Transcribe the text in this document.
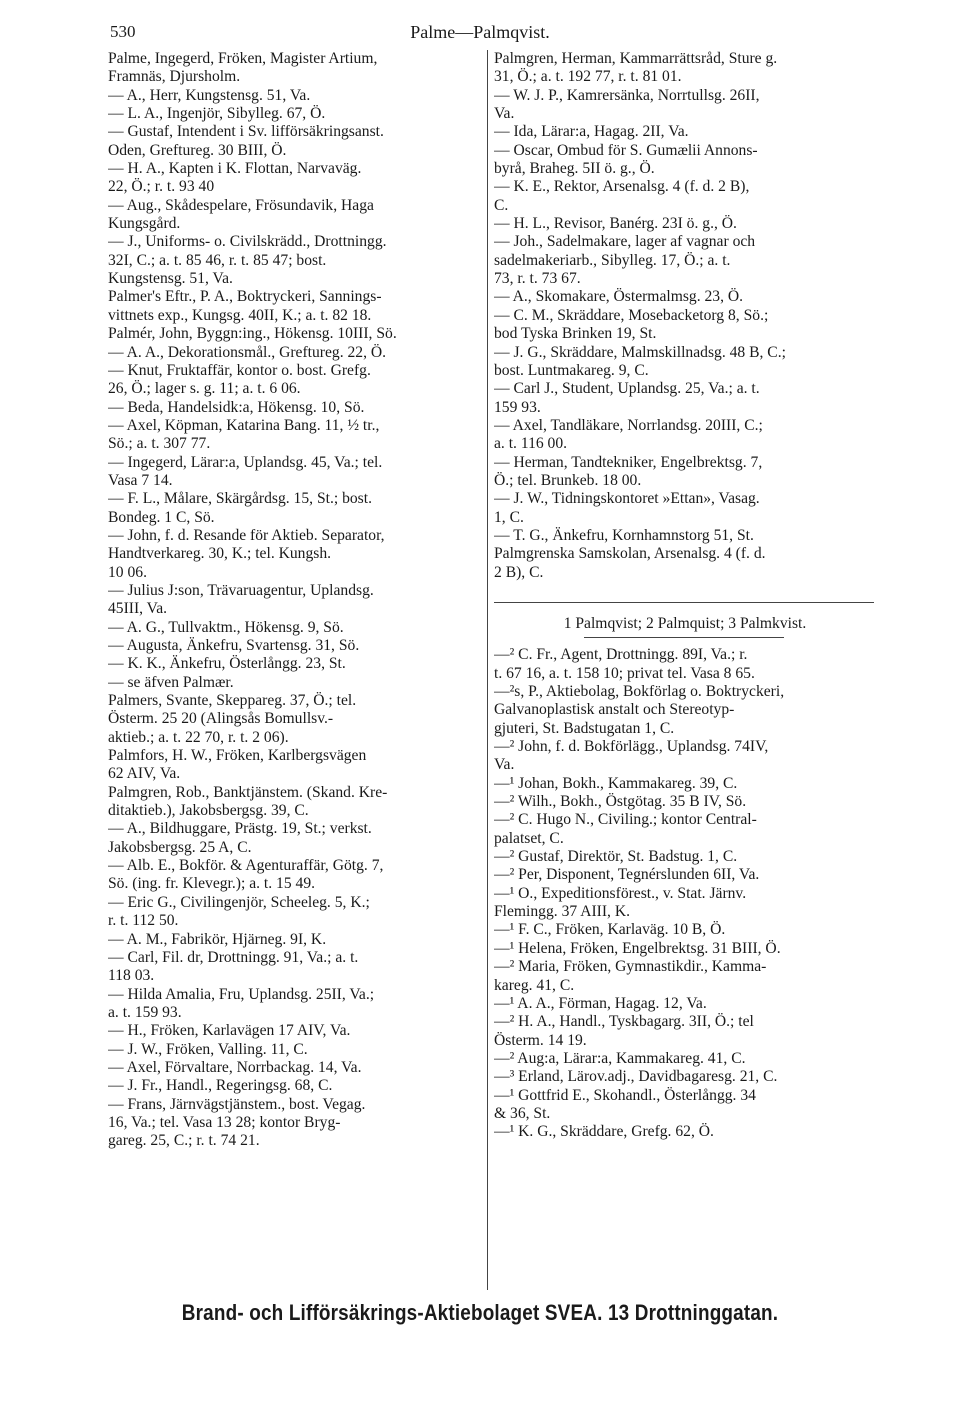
530	Palme—Palmqvist.
Palme, Ingegerd, Fröken, Magister Artium,
Framnäs, Djursholm.
— A., Herr, Kungstensg. 51, Va.
— L. A., Ingenjör, Sibylleg. 67, Ö.
— Gustaf, Intendent i Sv. lifförsäkringsanst.
Oden, Greftureg. 30 BIII, Ö.
— H. A., Kapten i K. Flottan, Narvaväg.
22, Ö.; r. t. 93 40
— Aug., Skådespelare, Frösundavik, Haga
Kungsgård.
— J., Uniforms- o. Civilskrädd., Drottningg.
32I, C.; a. t. 85 46, r. t. 85 47; bost.
Kungstensg. 51, Va.
Palmer's Eftr., P. A., Boktryckeri, Sannings-
vittnets exp., Kungsg. 40II, K.; a. t. 82 18.
Palmér, John, Byggn:ing., Hökensg. 10III, Sö.
— A. A., Dekorationsmål., Greftureg. 22, Ö.
— Knut, Fruktaffär, kontor o. bost. Grefg.
26, Ö.; lager s. g. 11; a. t. 6 06.
— Beda, Handelsidk:a, Hökensg. 10, Sö.
— Axel, Köpman, Katarina Bang. 11, ½ tr.,
Sö.; a. t. 307 77.
— Ingegerd, Lärar:a, Uplandsg. 45, Va.; tel.
Vasa 7 14.
— F. L., Målare, Skärgårdsg. 15, St.; bost.
Bondeg. 1 C, Sö.
— John, f. d. Resande för Aktieb. Separator,
Handtverkareg. 30, K.; tel. Kungsh.
10 06.
— Julius J:son, Trävaruagentur, Uplandsg.
45III, Va.
— A. G., Tullvaktm., Hökensg. 9, Sö.
— Augusta, Änkefru, Svartensg. 31, Sö.
— K. K., Änkefru, Österlångg. 23, St.
— se äfven Palmær.
Palmers, Svante, Skeppareg. 37, Ö.; tel.
Österm. 25 20 (Alingsås Bomullsv.-
aktieb.; a. t. 22 70, r. t. 2 06).
Palmfors, H. W., Fröken, Karlbergsvägen
62 AIV, Va.
Palmgren, Rob., Banktjänstem. (Skand. Kre-
ditaktieb.), Jakobsbergsg. 39, C.
— A., Bildhuggare, Prästg. 19, St.; verkst.
Jakobsbergsg. 25 A, C.
— Alb. E., Bokför. & Agenturaffär, Götg. 7,
Sö. (ing. fr. Klevegr.); a. t. 15 49.
— Eric G., Civilingenjör, Scheeleg. 5, K.;
r. t. 112 50.
— A. M., Fabrikör, Hjärneg. 9I, K.
— Carl, Fil. dr, Drottningg. 91, Va.; a. t.
118 03.
— Hilda Amalia, Fru, Uplandsg. 25II, Va.;
a. t. 159 93.
— H., Fröken, Karlavägen 17 AIV, Va.
— J. W., Fröken, Valling. 11, C.
— Axel, Förvaltare, Norrbackag. 14, Va.
— J. Fr., Handl., Regeringsg. 68, C.
— Frans, Järnvägstjänstem., bost. Vegag.
16, Va.; tel. Vasa 13 28; kontor Bryg-
gareg. 25, C.; r. t. 74 21.
Palmgren, Herman, Kammarrättsråd, Sture g.
31, Ö.; a. t. 192 77, r. t. 81 01.
— W. J. P., Kamrersänka, Norrtullsg. 26II,
Va.
— Ida, Lärar:a, Hagag. 2II, Va.
— Oscar, Ombud för S. Gumælii Annons-
byrå, Braheg. 5II ö. g., Ö.
— K. E., Rektor, Arsenalsg. 4 (f. d. 2 B),
C.
— H. L., Revisor, Banérg. 23I ö. g., Ö.
— Joh., Sadelmakare, lager af vagnar och
sadelmakeriarb., Sibylleg. 17, Ö.; a. t.
73, r. t. 73 67.
— A., Skomakare, Östermalmsg. 23, Ö.
— C. M., Skräddare, Mosebacketorg 8, Sö.;
bod Tyska Brinken 19, St.
— J. G., Skräddare, Malmskillnadsg. 48 B, C.;
bost. Luntmakareg. 9, C.
— Carl J., Student, Uplandsg. 25, Va.; a. t.
159 93.
— Axel, Tandläkare, Norrlandsg. 20III, C.;
a. t. 116 00.
— Herman, Tandtekniker, Engelbrektsg. 7,
Ö.; tel. Brunkeb. 18 00.
— J. W., Tidningskontoret »Ettan», Vasag.
1, C.
— T. G., Änkefru, Kornhamnstorg 51, St.
Palmgrenska Samskolan, Arsenalsg. 4 (f. d.
2 B), C.
1 Palmqvist; 2 Palmquist; 3 Palmkvist.
—² C. Fr., Agent, Drottningg. 89I, Va.; r.
t. 67 16, a. t. 158 10; privat tel. Vasa 8 65.
—²s, P., Aktiebolag, Bokförlag o. Boktryckeri,
Galvanoplastisk anstalt och Stereotyp-
gjuteri, St. Badstugatan 1, C.
—² John, f. d. Bokförlägg., Uplandsg. 74IV,
Va.
—¹ Johan, Bokh., Kammakareg. 39, C.
—² Wilh., Bokh., Östgötag. 35 B IV, Sö.
—² C. Hugo N., Civiling.; kontor Central-
palatset, C.
—² Gustaf, Direktör, St. Badstug. 1, C.
—² Per, Disponent, Tegnérslunden 6II, Va.
—¹ O., Expeditionsförest., v. Stat. Järnv.
Flemingg. 37 AIII, K.
—¹ F. C., Fröken, Karlaväg. 10 B, Ö.
—¹ Helena, Fröken, Engelbrektsg. 31 BIII, Ö.
—² Maria, Fröken, Gymnastikdir., Kamma-
kareg. 41, C.
—¹ A. A., Förman, Hagag. 12, Va.
—² H. A., Handl., Tyskbagarg. 3II, Ö.; tel
Österm. 14 19.
—² Aug:a, Lärar:a, Kammakareg. 41, C.
—³ Erland, Lärov.adj., Davidbagaresg. 21, C.
—¹ Gottfrid E., Skohandl., Österlångg. 34
& 36, St.
—¹ K. G., Skräddare, Grefg. 62, Ö.
Brand- och Lifförsäkrings-Aktiebolaget SVEA. 13 Drottninggatan.
